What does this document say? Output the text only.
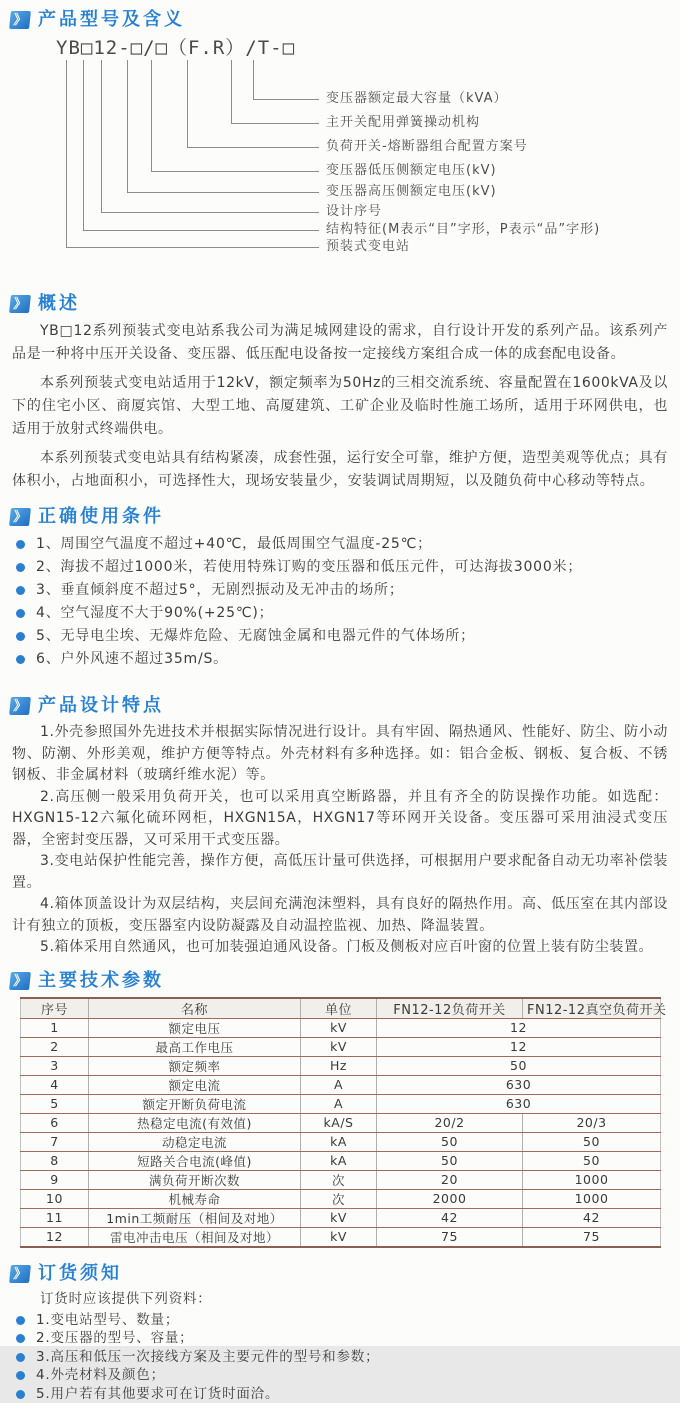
》 产品型号及含义
YB□12-□/□（F.R）/T-□
变压器额定最大容量（kVA）
主开关配用弹簧操动机构
负荷开关-熔断器组合配置方案号
变压器低压侧额定电压(kV)
变压器高压侧额定电压(kV)
设计序号
结构特征(M表示“目”字形，P表示“品”字形)
预装式变电站
》 概述

YB□12系列预装式变电站系我公司为满足城网建设的需求，自行设计开发的系列产品。该系列产品是一种将中压开关设备、变压器、低压配电设备按一定接线方案组合成一体的成套配电设备。

本系列预装式变电站适用于12kV，额定频率为50Hz的三相交流系统、容量配置在1600kVA及以下的住宅小区、商厦宾馆、大型工地、高厦建筑、工矿企业及临时性施工场所，适用于环网供电，也适用于放射式终端供电。

本系列预装式变电站具有结构紧凑，成套性强，运行安全可靠，维护方便，造型美观等优点；具有体积小，占地面积小，可选择性大，现场安装量少，安装调试周期短，以及随负荷中心移动等特点。

》 正确使用条件
1、周围空气温度不超过+40℃，最低周围空气温度-25℃；
2、海拔不超过1000米，若使用特殊订购的变压器和低压元件，可达海拔3000米；
3、垂直倾斜度不超过5°，无剧烈振动及无冲击的场所；
4、空气湿度不大于90%(+25℃)；
5、无导电尘埃、无爆炸危险、无腐蚀金属和电器元件的气体场所；
6、户外风速不超过35m/S。
》 产品设计特点

1.外壳参照国外先进技术并根据实际情况进行设计。具有牢固、隔热通风、性能好、防尘、防小动物、防潮、外形美观，维护方便等特点。外壳材料有多种选择。如：铝合金板、钢板、复合板、不锈钢板、非金属材料（玻璃纤维水泥）等。

2.高压侧一般采用负荷开关，也可以采用真空断路器，并且有齐全的防误操作功能。如选配：HXGN15-12六氟化硫环网柜，HXGN15A，HXGN17等环网开关设备。变压器可采用油浸式变压器，全密封变压器，又可采用干式变压器。

3.变电站保护性能完善，操作方便，高低压计量可供选择，可根据用户要求配备自动无功率补偿装置。

4.箱体顶盖设计为双层结构，夹层间充满泡沫塑料，具有良好的隔热作用。高、低压室在其内部设计有独立的顶板，变压器室内设防凝露及自动温控监视、加热、降温装置。

5.箱体采用自然通风，也可加装强迫通风设备。门板及侧板对应百叶窗的位置上装有防尘装置。

》 主要技术参数
序号	名称	单位	FN12-12负荷开关	FN12-12真空负荷开关
1	额定电压	kV	12	
2	最高工作电压	kV	12	
3	额定频率	Hz	50	
4	额定电流	A	630	
5	额定开断负荷电流	A	630	
6	热稳定电流(有效值)	kA/S	20/2	20/3
7	动稳定电流	kA	50	50
8	短路关合电流(峰值)	kA	50	50
9	满负荷开断次数	次	20	1000
10	机械寿命	次	2000	1000
11	1min工频耐压（相间及对地）	kV	42	42
12	雷电冲击电压（相间及对地）	kV	75	75
》 订货须知

订货时应该提供下列资料：

1.变电站型号、数量；
2.变压器的型号、容量；
3.高压和低压一次接线方案及主要元件的型号和参数；
4.外壳材料及颜色；
5.用户若有其他要求可在订货时面洽。
